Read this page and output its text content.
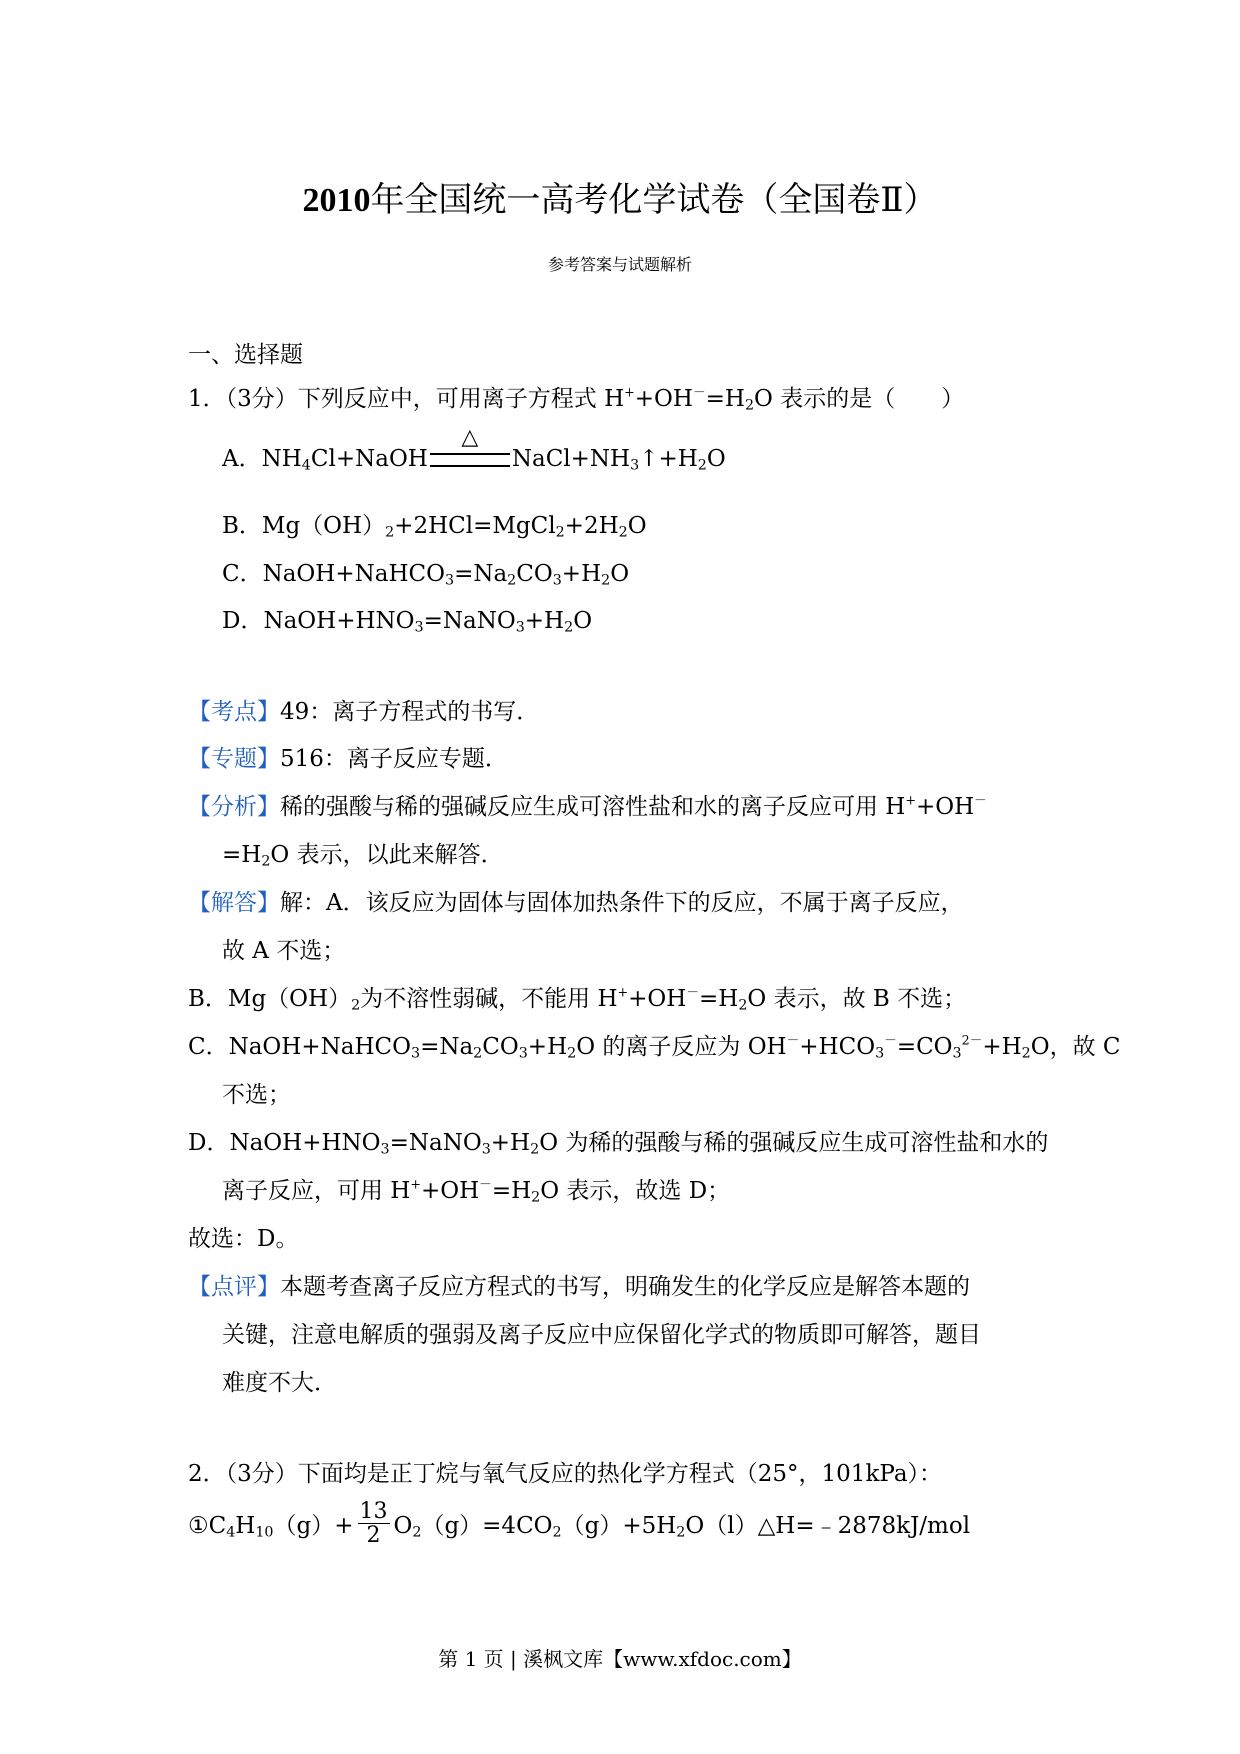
2010年全国统一高考化学试卷（全国卷Ⅱ）
参考答案与试题解析
一、选择题
1．（3分）下列反应中，可用离子方程式 $H^++OH^-=H_2O$ 表示的是（　　）
A．$NH_4Cl+NaOH$
△
$NaCl+NH_3↑+H_2O$
B．$Mg(OH)_2+2HCl=MgCl_2+2H_2O$
C．$NaOH+NaHCO_3=Na_2CO_3+H_2O$
D．$NaOH+HNO_3=NaNO_3+H_2O$
【考点】49：离子方程式的书写．
【专题】516：离子反应专题．
【分析】稀的强酸与稀的强碱反应生成可溶性盐和水的离子反应可用 H++OH－
$=H_2O$ 表示，以此来解答．
【解答】解：A．该反应为固体与固体加热条件下的反应，不属于离子反应，
故 A 不选；
B．$Mg(OH)_2$为不溶性弱碱，不能用 $H^++OH^-=H_2O$ 表示，故 B 不选；
C．$NaOH+NaHCO_3=Na_2CO_3+H_2O$ 的离子反应为 $OH^-+HCO_3^-=CO_3^{2-}+H_2O$，故 C
不选；
D．$NaOH+HNO_3=NaNO_3+H_2O$ 为稀的强酸与稀的强碱反应生成可溶性盐和水的
离子反应，可用 $H^++OH^-=H_2O$ 表示，故选 D；
故选：D。
【点评】本题考查离子反应方程式的书写，明确发生的化学反应是解答本题的
关键，注意电解质的强弱及离子反应中应保留化学式的物质即可解答，题目
难度不大．
2．（3分）下面均是正丁烷与氧气反应的热化学方程式（25°，101kPa）：
$①C_4H_{10}(g)+ \frac{13}{2}$ $O_2(g)=4CO_2(g)+5H_2O(l)\triangle H=﹣2878kJ$/mol
第 1 页 | 溪枫文库【www.xfdoc.com】
